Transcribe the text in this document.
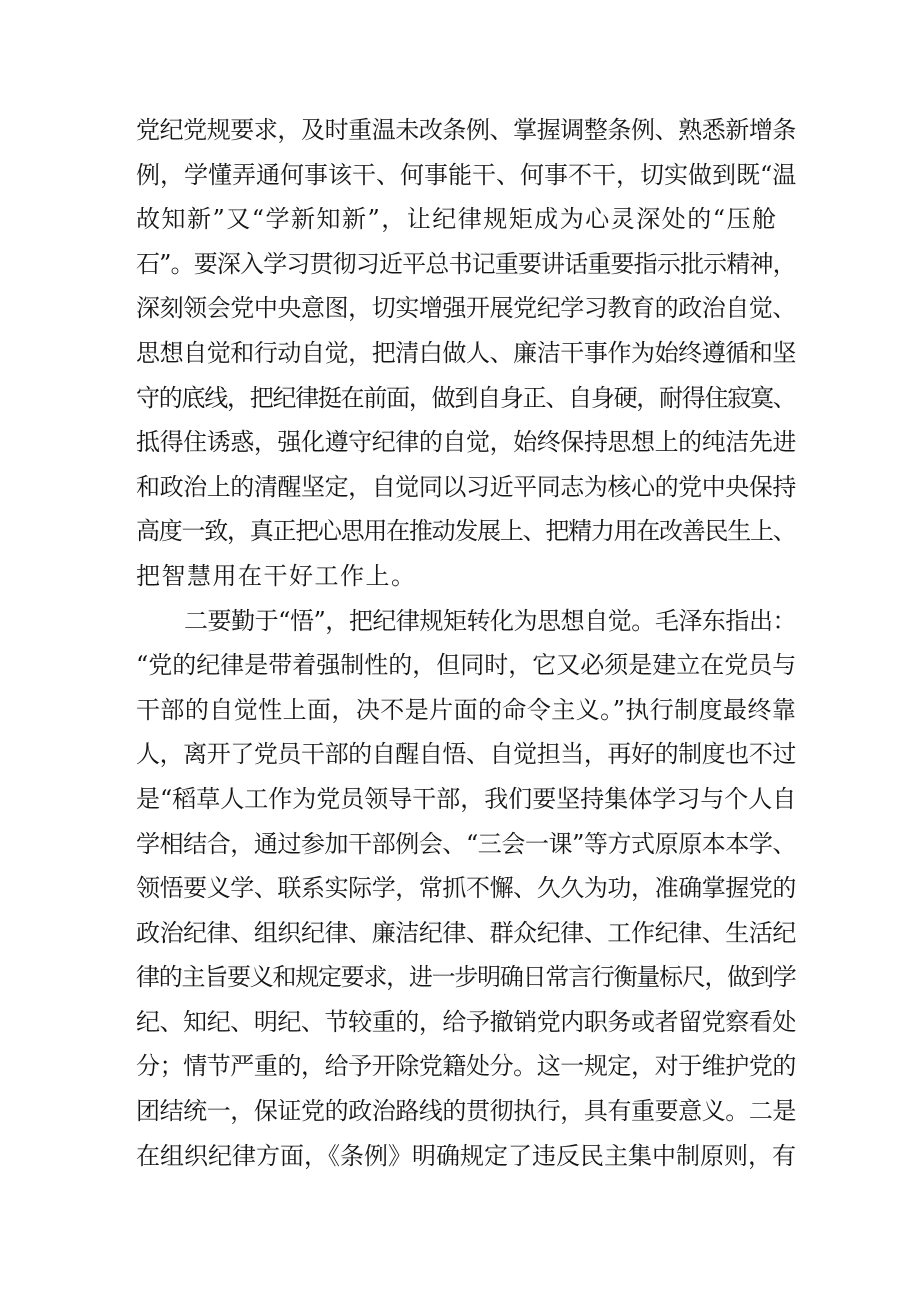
党纪党规要求，及时重温未改条例、掌握调整条例、熟悉新增条
例，学懂弄通何事该干、何事能干、何事不干，切实做到既“温
故知新”又“学新知新”，让纪律规矩成为心灵深处的“压舱
石”。要深入学习贯彻习近平总书记重要讲话重要指示批示精神，
深刻领会党中央意图，切实增强开展党纪学习教育的政治自觉、
思想自觉和行动自觉，把清白做人、廉洁干事作为始终遵循和坚
守的底线，把纪律挺在前面，做到自身正、自身硬，耐得住寂寞、
抵得住诱惑，强化遵守纪律的自觉，始终保持思想上的纯洁先进
和政治上的清醒坚定，自觉同以习近平同志为核心的党中央保持
高度一致，真正把心思用在推动发展上、把精力用在改善民生上、
把智慧用在干好工作上。
二要勤于“悟”，把纪律规矩转化为思想自觉。毛泽东指出：
“党的纪律是带着强制性的，但同时，它又必须是建立在党员与
干部的自觉性上面，决不是片面的命令主义。”执行制度最终靠
人，离开了党员干部的自醒自悟、自觉担当，再好的制度也不过
是“稻草人工作为党员领导干部，我们要坚持集体学习与个人自
学相结合，通过参加干部例会、“三会一课”等方式原原本本学、
领悟要义学、联系实际学，常抓不懈、久久为功，准确掌握党的
政治纪律、组织纪律、廉洁纪律、群众纪律、工作纪律、生活纪
律的主旨要义和规定要求，进一步明确日常言行衡量标尺，做到学
纪、知纪、明纪、节较重的，给予撤销党内职务或者留党察看处
分；情节严重的，给予开除党籍处分。这一规定，对于维护党的
团结统一，保证党的政治路线的贯彻执行，具有重要意义。二是
在组织纪律方面，《条例》明确规定了违反民主集中制原则，有
